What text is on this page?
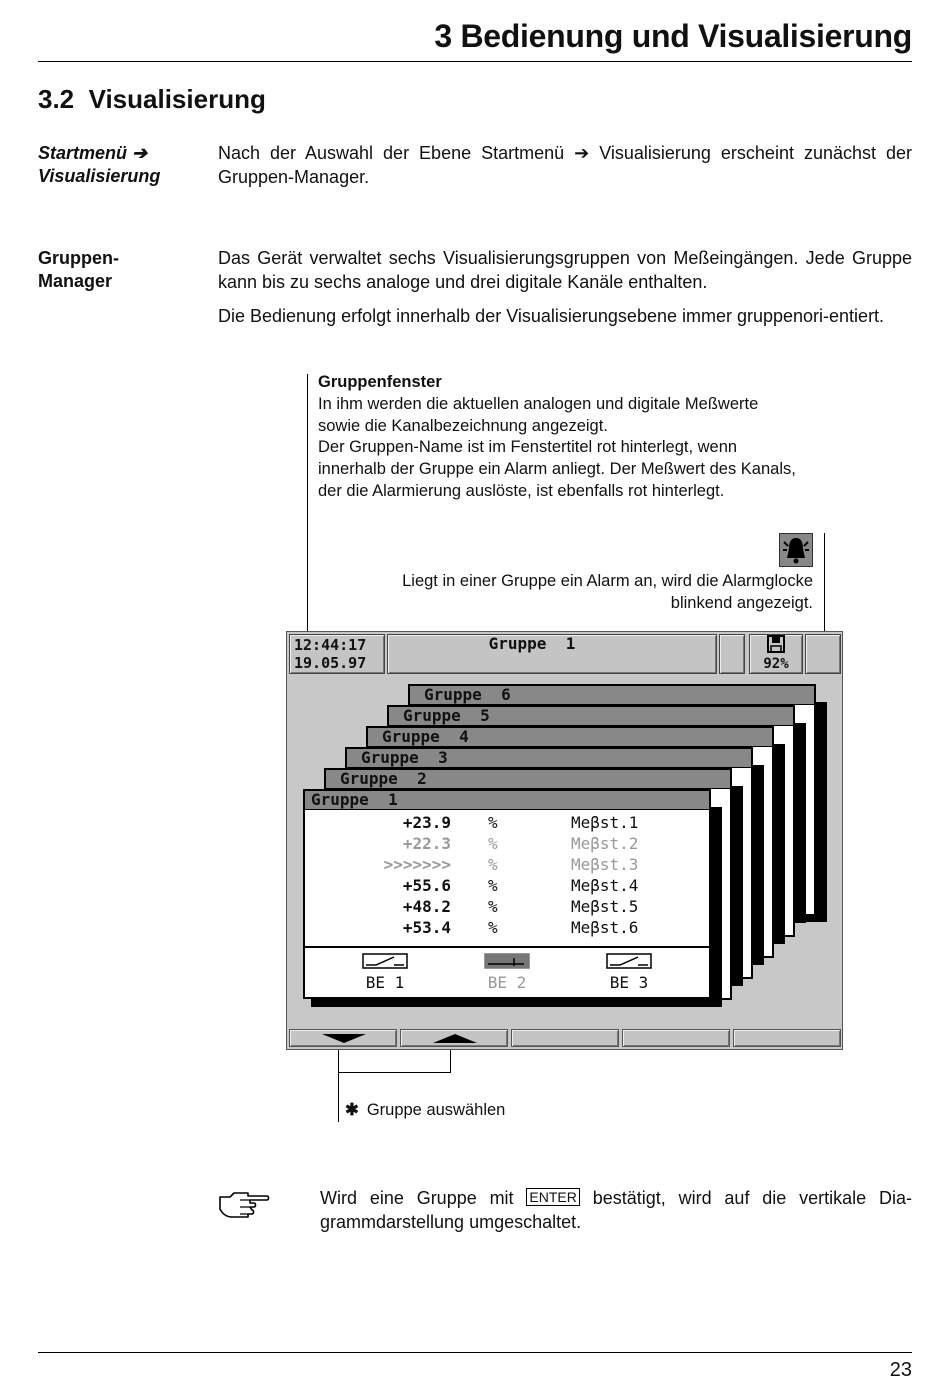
3 Bedienung und Visualisierung
3.2  Visualisierung
Startmenü ➔
Visualisierung
Nach der Auswahl der Ebene Startmenü ➔ Visualisierung erscheint zunächst der Gruppen-Manager.
Gruppen-
Manager
Das Gerät verwaltet sechs Visualisierungsgruppen von Meßeingängen. Jede Gruppe kann bis zu sechs analoge und drei digitale Kanäle enthalten.
Die Bedienung erfolgt innerhalb der Visualisierungsebene immer gruppenori-entiert.
Gruppenfenster
In ihm werden die aktuellen analogen und digitale Meßwerte
sowie die Kanalbezeichnung angezeigt.
Der Gruppen-Name ist im Fenstertitel rot hinterlegt, wenn
innerhalb der Gruppe ein Alarm anliegt. Der Meßwert des Kanals,
der die Alarmierung auslöste, ist ebenfalls rot hinterlegt.
Liegt in einer Gruppe ein Alarm an, wird die Alarmglocke
blinkend angezeigt.
12:44:17
19.05.97
Gruppe  1
92%
Gruppe  6
Gruppe  5
Gruppe  4
Gruppe  3
Gruppe  2
Gruppe  1
+23.9 %	Meβst.1
+22.3 %	Meβst.2
>>>>>>> %	Meβst.3
+55.6 %	Meβst.4
+48.2 %	Meβst.5
+53.4 %	Meβst.6
BE 1	BE 2	BE 3
✱ Gruppe auswählen
Wird eine Gruppe mit ENTER bestätigt, wird auf die vertikale Dia-grammdarstellung umgeschaltet.
23
